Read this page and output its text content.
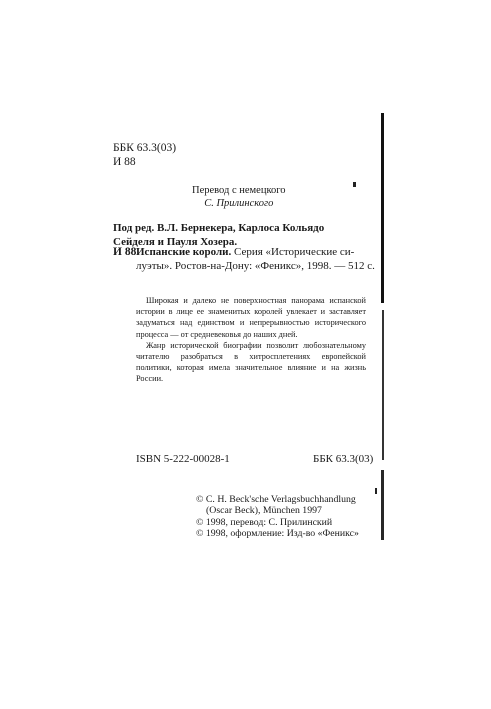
ББК 63.3(03)
И 88
Перевод с немецкого
С. Прилинского
Под ред. В.Л. Бернекера, Карлоса Кольядо
Сейделя и Пауля Хозера.
И 88 Испанские короли. Серия «Исторические си-
луэты». Ростов-на-Дону: «Феникс», 1998. — 512 с.

Широкая и далеко не поверхностная панорама испанской истории в лице ее знаменитых королей увлекает и заставляет задуматься над единством и непрерывностью исторического процесса — от средневековья до наших дней.

Жанр исторической биографии позволит любознательному читателю разобраться в хитросплетениях европейской политики, которая имела значительное влияние и на жизнь России.

ISBN 5-222-00028-1	ББК 63.3(03)
© C. H. Beck'sche Verlagsbuchhandlung
(Oscar Beck), München 1997
© 1998, перевод: С. Прилинский
© 1998, оформление: Изд-во «Феникс»
